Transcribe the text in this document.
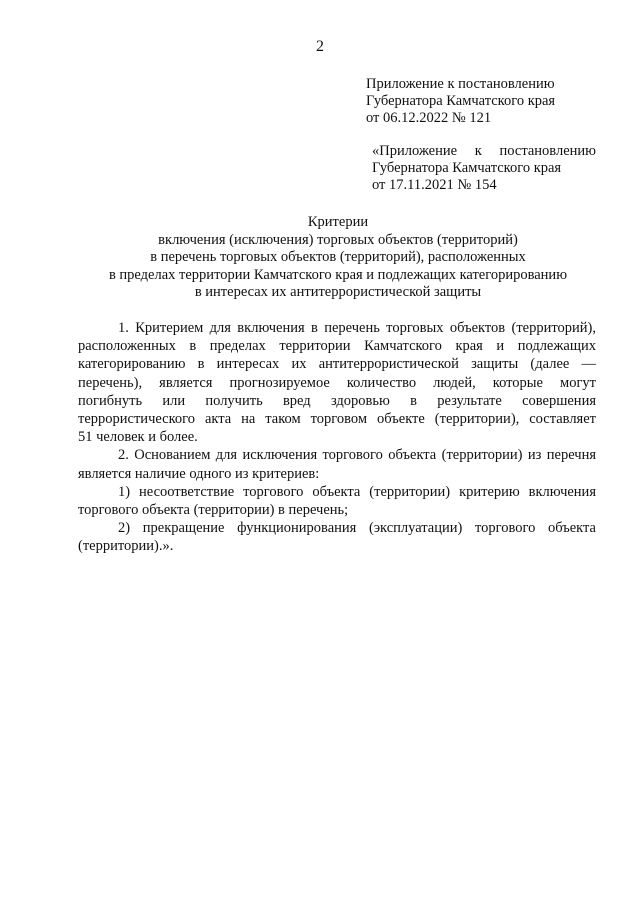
2
Приложение к постановлению
Губернатора Камчатского края
от 06.12.2022 № 121
«Приложение к постановлению
Губернатора Камчатского края
от 17.11.2021 № 154
Критерии
включения (исключения) торговых объектов (территорий)
в перечень торговых объектов (территорий), расположенных
в пределах территории Камчатского края и подлежащих категорированию
в интересах их антитеррористической защиты

1. Критерием для включения в перечень торговых объектов (территорий),
расположенных в пределах территории Камчатского края и подлежащих
категорированию в интересах их антитеррористической защиты (далее —
перечень), является прогнозируемое количество людей, которые могут
погибнуть или получить вред здоровью в результате совершения
террористического акта на таком торговом объекте (территории), составляет
51 человек и более.

2. Основанием для исключения торгового объекта (территории) из перечня
является наличие одного из критериев:

1) несоответствие торгового объекта (территории) критерию включения
торгового объекта (территории) в перечень;

2) прекращение функционирования (эксплуатации) торгового объекта
(территории).».
